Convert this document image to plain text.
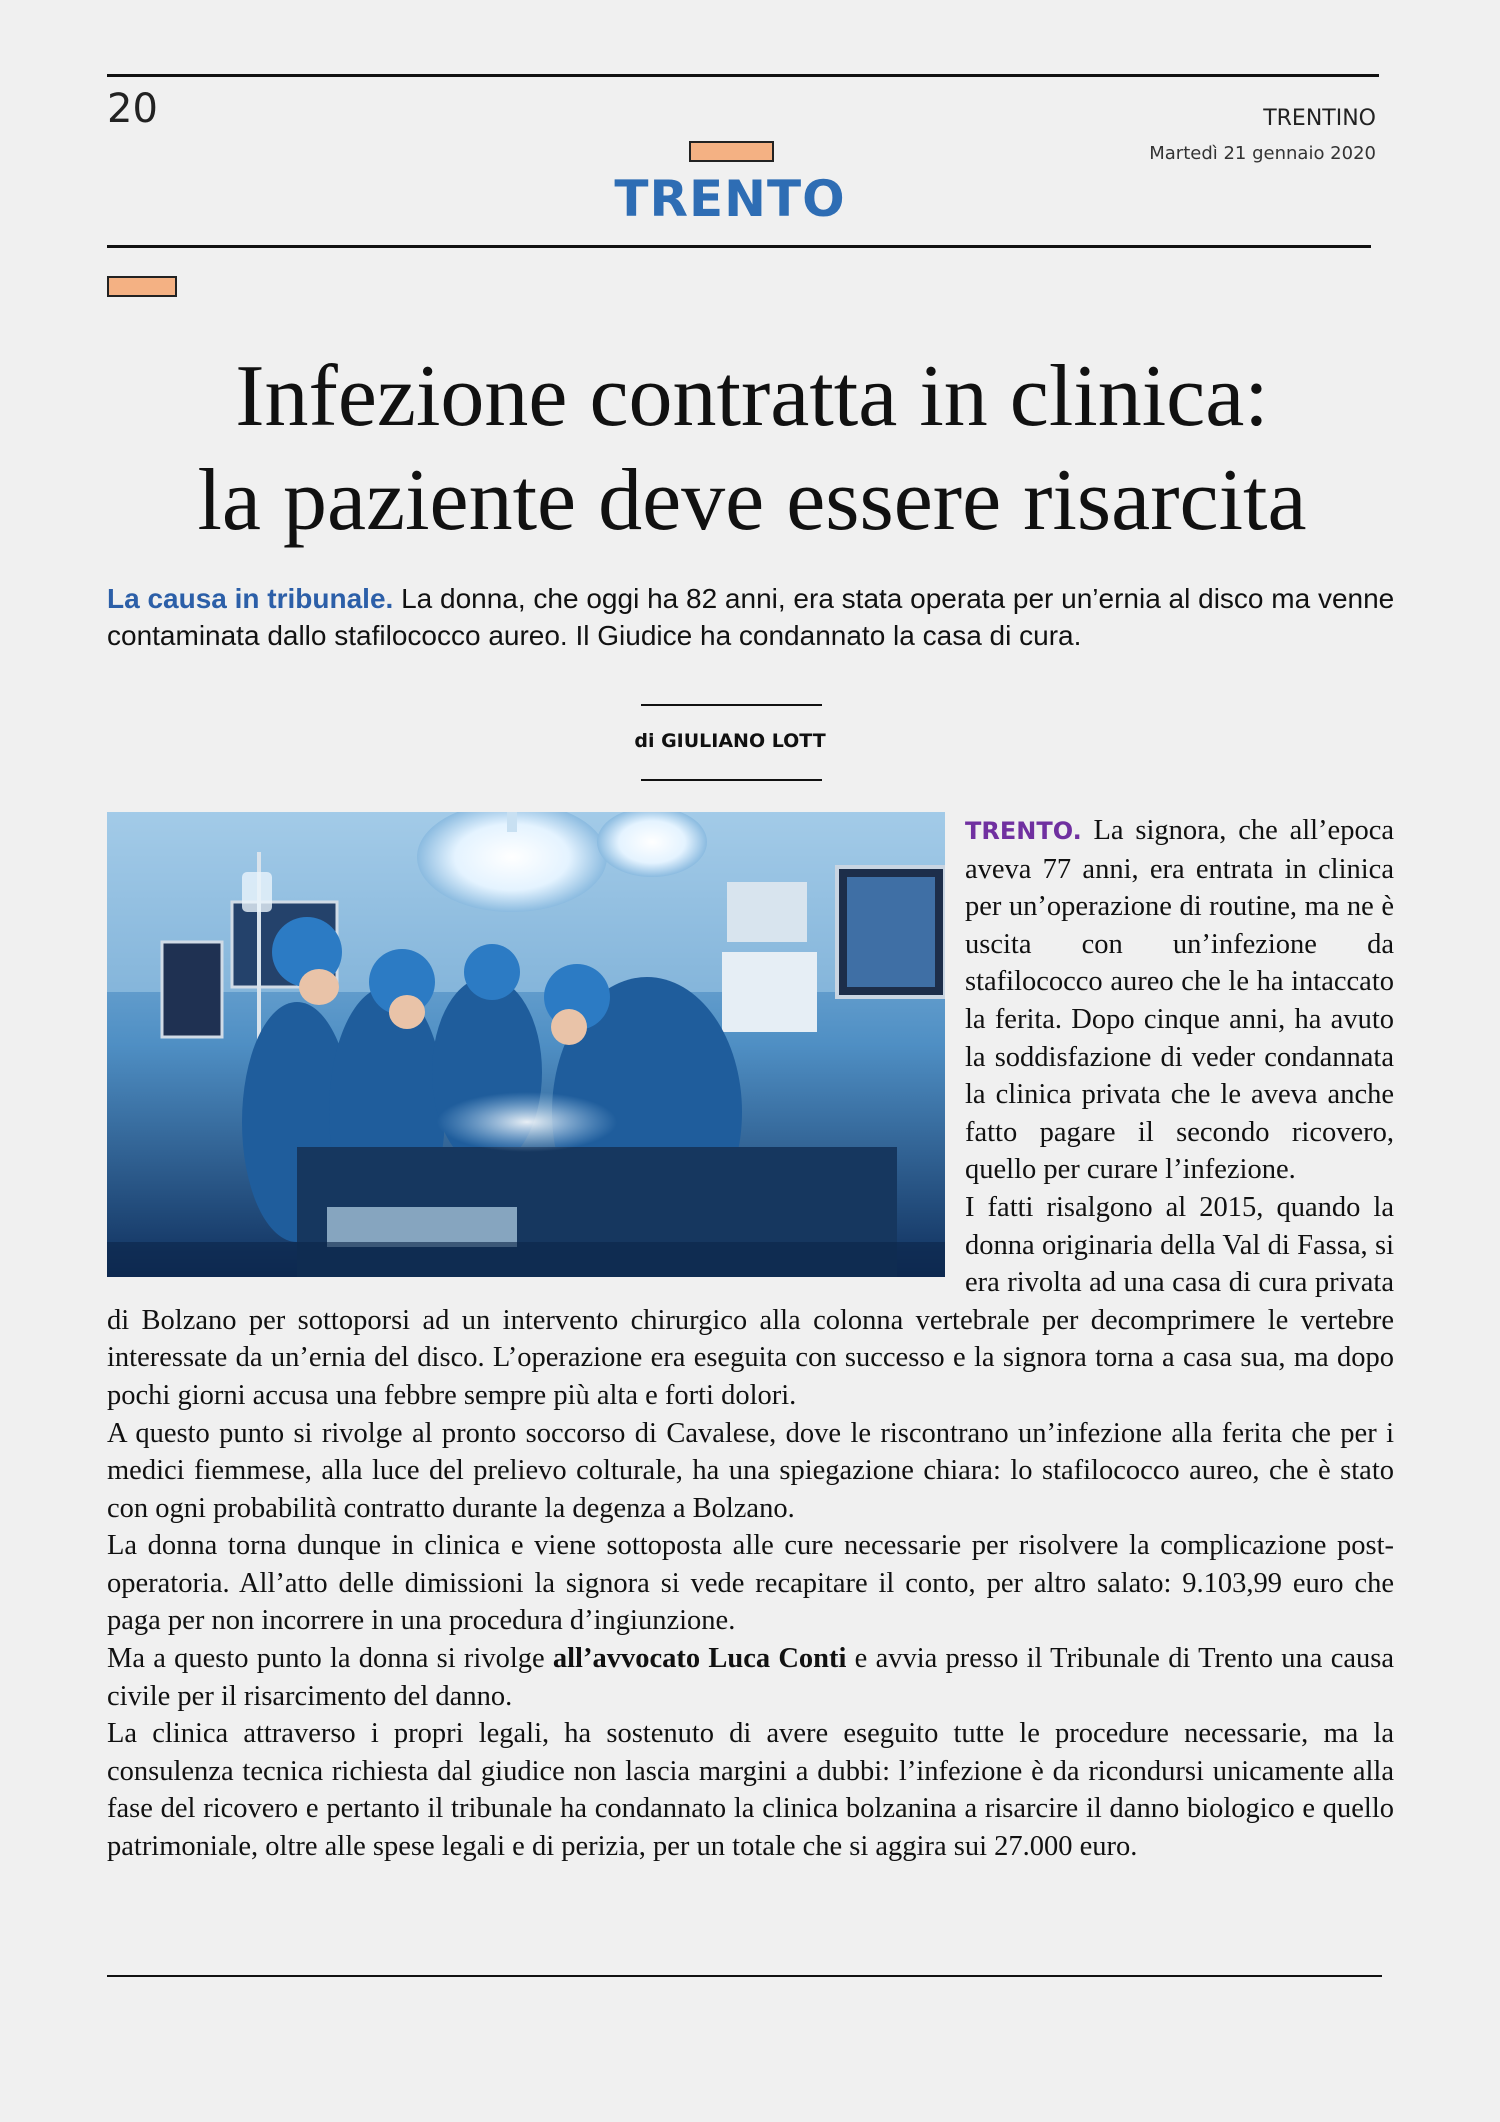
20	TRENTINO
Martedì 21 gennaio 2020
TRENTO
Infezione contratta in clinica:
la paziente deve essere risarcita
La causa in tribunale. La donna, che oggi ha 82 anni, era stata operata per un’ernia al disco ma venne contaminata dallo stafilococco aureo. Il Giudice ha condannato la casa di cura.
di GIULIANO LOTT

TRENTO. La signora, che all’epoca aveva 77 anni, era entrata in clinica per un’operazione di routine, ma ne è uscita con un’infezione da stafilococco aureo che le ha intaccato la ferita. Dopo cinque anni, ha avuto la soddisfazione di veder condannata la clinica privata che le aveva anche fatto pagare il secondo ricovero, quello per curare l’infezione.

I fatti risalgono al 2015, quando la donna originaria della Val di Fassa, si era rivolta ad una casa di cura privata di Bolzano per sottoporsi ad un intervento chirurgico alla colonna vertebrale per decomprimere le vertebre interessate da un’ernia del disco. L’operazione era eseguita con successo e la signora torna a casa sua, ma dopo pochi giorni accusa una febbre sempre più alta e forti dolori.

A questo punto si rivolge al pronto soccorso di Cavalese, dove le riscontrano un’infezione alla ferita che per i medici fiemmese, alla luce del prelievo colturale, ha una spiegazione chiara: lo stafilococco aureo, che è stato con ogni probabilità contratto durante la degenza a Bolzano.

La donna torna dunque in clinica e viene sottoposta alle cure necessarie per risolvere la complicazione post-operatoria. All’atto delle dimissioni la signora si vede recapitare il conto, per altro salato: 9.103,99 euro che paga per non incorrere in una procedura d’ingiunzione.

Ma a questo punto la donna si rivolge all’avvocato Luca Conti e avvia presso il Tribunale di Trento una causa civile per il risarcimento del danno.

La clinica attraverso i propri legali, ha sostenuto di avere eseguito tutte le procedure necessarie, ma la consulenza tecnica richiesta dal giudice non lascia margini a dubbi: l’infezione è da ricondursi unicamente alla fase del ricovero e pertanto il tribunale ha condannato la clinica bolzanina a risarcire il danno biologico e quello patrimoniale, oltre alle spese legali e di perizia, per un totale che si aggira sui 27.000 euro.
